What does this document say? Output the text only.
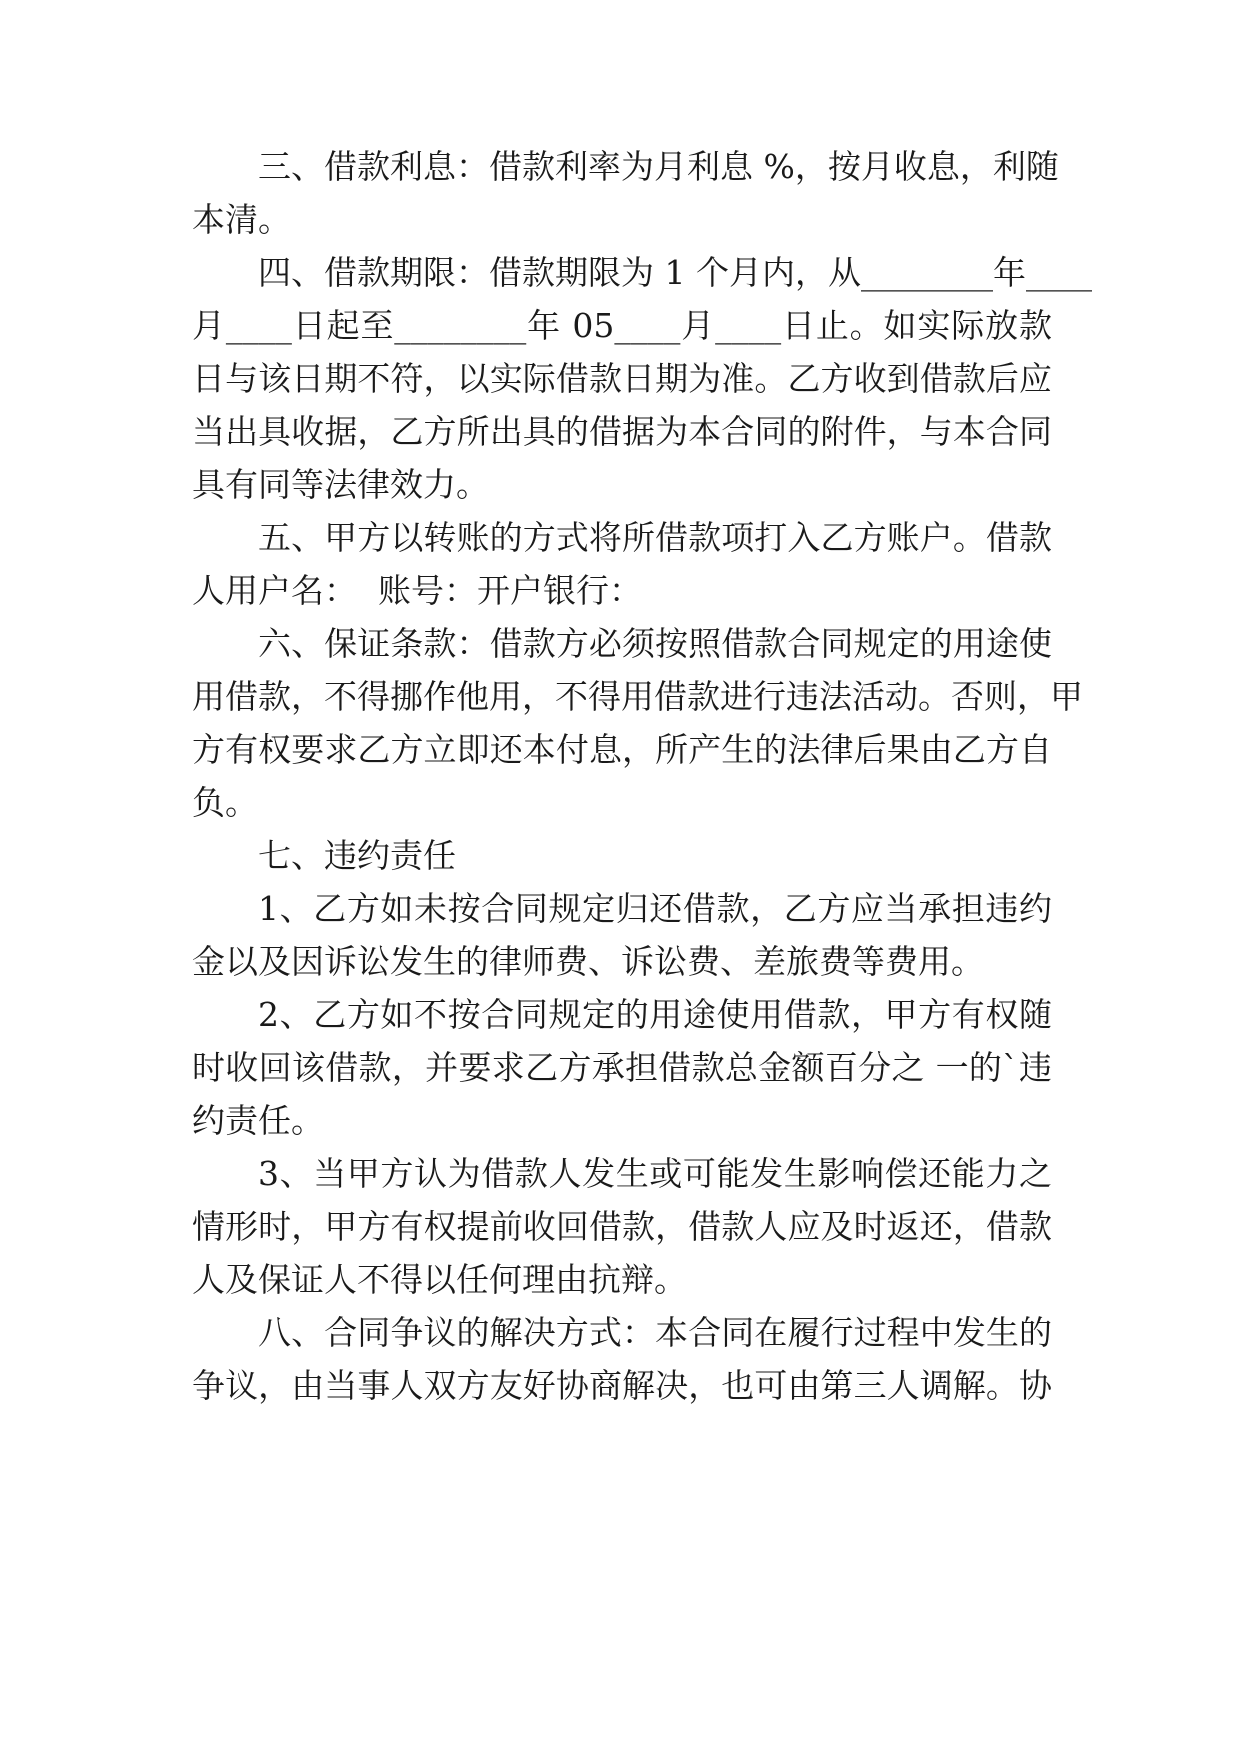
三、借款利息：借款利率为月利息 %，按月收息，利随
本清。
四、借款期限：借款期限为 1 个月内，从________年____
月____日起至________年 05____月____日止。如实际放款
日与该日期不符，以实际借款日期为准。乙方收到借款后应
当出具收据，乙方所出具的借据为本合同的附件，与本合同
具有同等法律效力。
五、甲方以转账的方式将所借款项打入乙方账户。借款
人用户名：  账号：开户银行：
六、保证条款：借款方必须按照借款合同规定的用途使
用借款，不得挪作他用，不得用借款进行违法活动。否则，甲
方有权要求乙方立即还本付息，所产生的法律后果由乙方自
负。
七、违约责任
1、乙方如未按合同规定归还借款，乙方应当承担违约
金以及因诉讼发生的律师费、诉讼费、差旅费等费用。
2、乙方如不按合同规定的用途使用借款，甲方有权随
时收回该借款，并要求乙方承担借款总金额百分之 一的`违
约责任。
3、当甲方认为借款人发生或可能发生影响偿还能力之
情形时，甲方有权提前收回借款，借款人应及时返还，借款
人及保证人不得以任何理由抗辩。
八、合同争议的解决方式：本合同在履行过程中发生的
争议，由当事人双方友好协商解决，也可由第三人调解。协
